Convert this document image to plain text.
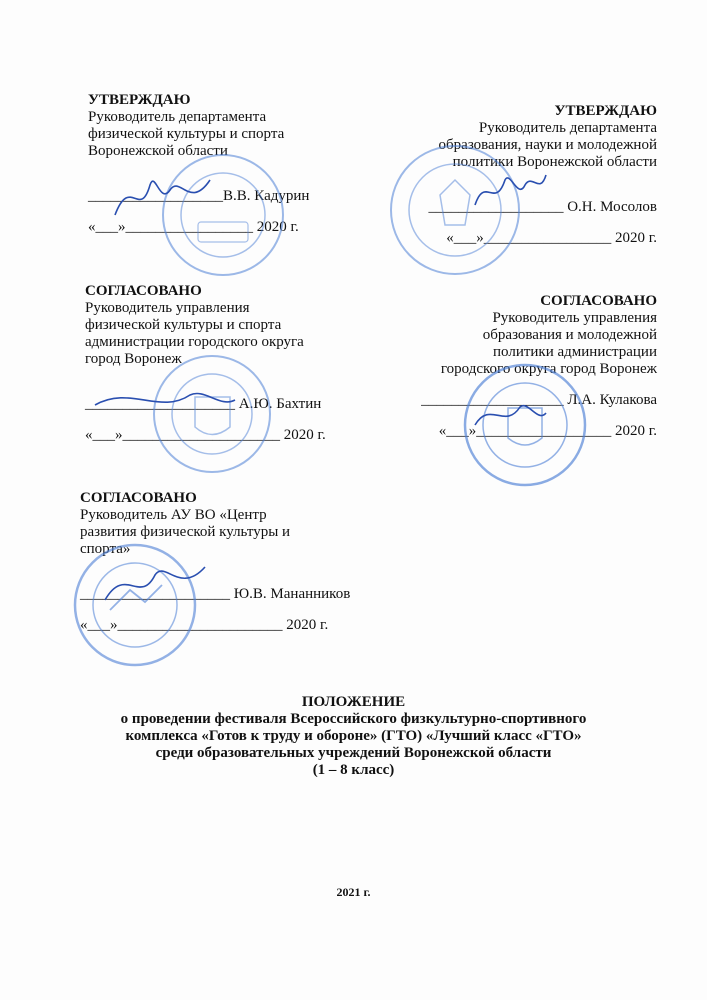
УТВЕРЖДАЮ
Руководитель департамента
физической культуры и спорта
Воронежской области
__________________В.В. Кадурин
«___»_________________ 2020 г.
УТВЕРЖДАЮ
Руководитель департамента
образования, науки и молодежной
политики Воронежской области
__________________ О.Н. Мосолов
«___»_________________ 2020 г.
СОГЛАСОВАНО
Руководитель управления
физической культуры и спорта
администрации городского округа
город Воронеж
____________________ А.Ю. Бахтин
«___»_____________________ 2020 г.
СОГЛАСОВАНО
Руководитель управления
образования и молодежной
политики администрации
городского округа город Воронеж
___________________ Л.А. Кулакова
«___»__________________ 2020 г.
СОГЛАСОВАНО
Руководитель АУ ВО «Центр
развития физической культуры и
спорта»
____________________ Ю.В. Мананников
«___»______________________ 2020 г.
ПОЛОЖЕНИЕ
о проведении фестиваля Всероссийского физкультурно-спортивного
комплекса «Готов к труду и обороне» (ГТО) «Лучший класс «ГТО»
среди образовательных учреждений Воронежской области
(1 – 8 класс)
2021 г.
